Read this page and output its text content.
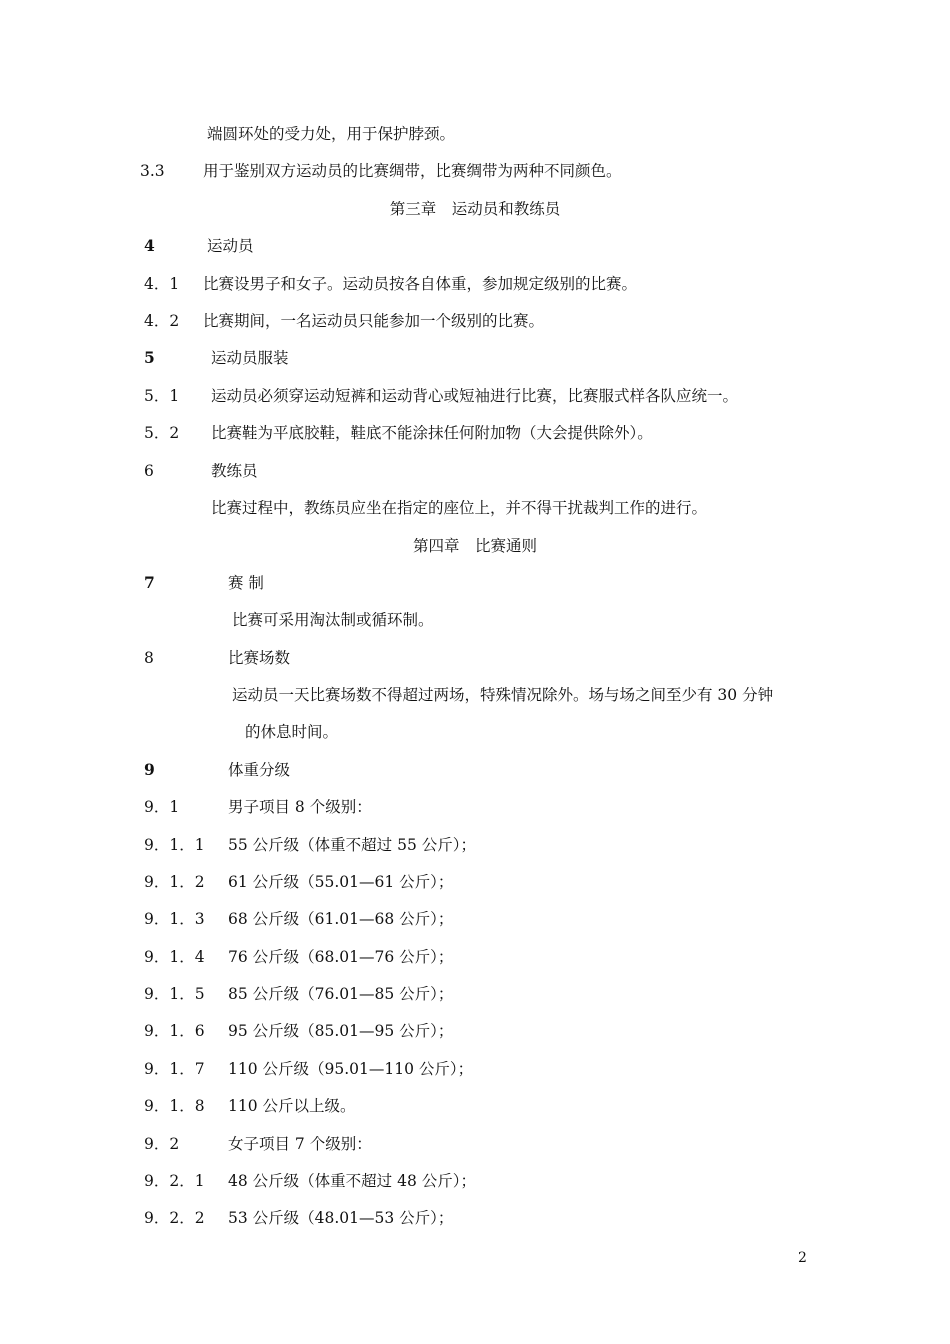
端圆环处的受力处，用于保护脖颈。
3.3 用于鉴别双方运动员的比赛绸带，比赛绸带为两种不同颜色。
第三章　运动员和教练员
4	运动员
4．1 比赛设男子和女子。运动员按各自体重，参加规定级别的比赛。
4．2 比赛期间，一名运动员只能参加一个级别的比赛。
5	运动员服装
5．1 运动员必须穿运动短裤和运动背心或短袖进行比赛，比赛服式样各队应统一。
5．2 比赛鞋为平底胶鞋，鞋底不能涂抹任何附加物（大会提供除外）。
6	教练员
比赛过程中，教练员应坐在指定的座位上，并不得干扰裁判工作的进行。
第四章　比赛通则
7	赛 制
比赛可采用淘汰制或循环制。
8	比赛场数
运动员一天比赛场数不得超过两场，特殊情况除外。场与场之间至少有 30 分钟
的休息时间。
9	体重分级
9．1	男子项目 8 个级别：
9．1．1 55 公斤级（体重不超过 55 公斤）；
9．1．2 61 公斤级（55.01—61 公斤）；
9．1．3 68 公斤级（61.01—68 公斤）；
9．1．4 76 公斤级（68.01—76 公斤）；
9．1．5 85 公斤级（76.01—85 公斤）；
9．1．6 95 公斤级（85.01—95 公斤）；
9．1．7 110 公斤级（95.01—110 公斤）；
9．1．8 110 公斤以上级。
9．2	女子项目 7 个级别：
9．2．1 48 公斤级（体重不超过 48 公斤）；
9．2．2 53 公斤级（48.01—53 公斤）；
2
